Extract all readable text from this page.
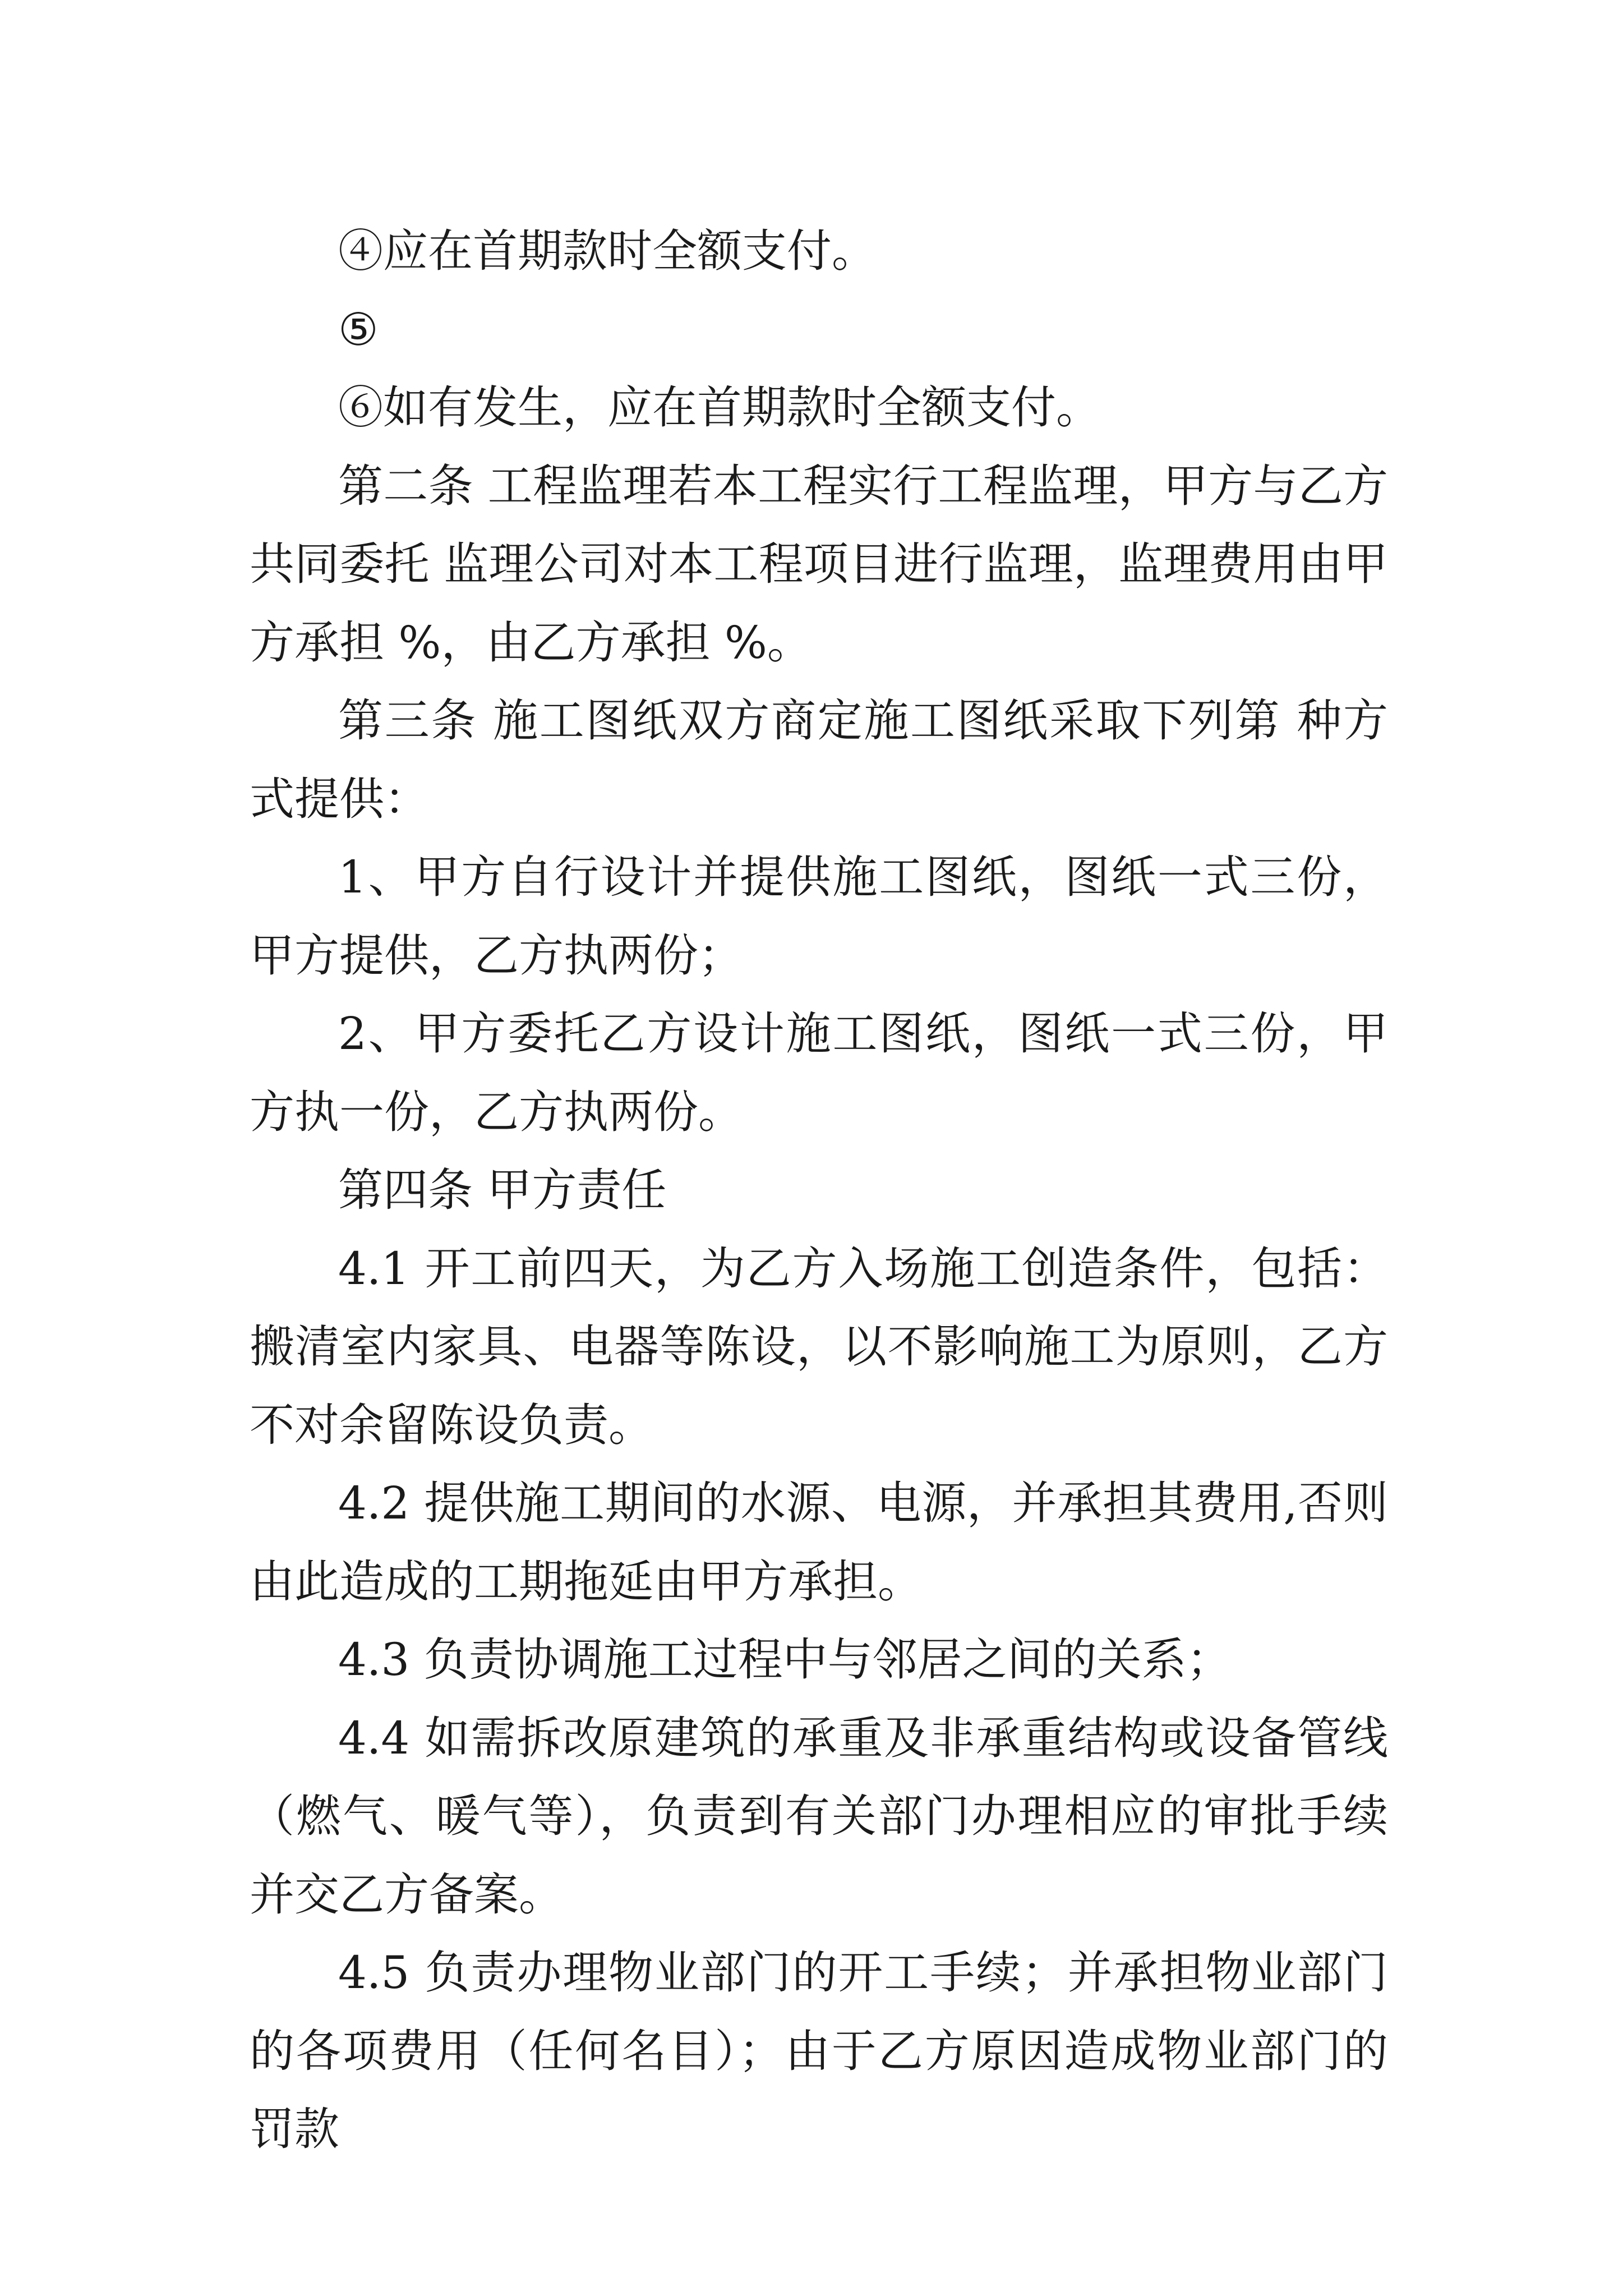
④应在首期款时全额支付。

⑤

⑥如有发生，应在首期款时全额支付。

第二条 工程监理若本工程实行工程监理，甲方与乙方共同委托 监理公司对本工程项目进行监理，监理费用由甲方承担 %，由乙方承担 %。

第三条 施工图纸双方商定施工图纸采取下列第 种方式提供：

1、甲方自行设计并提供施工图纸，图纸一式三份，甲方提供，乙方执两份；

2、甲方委托乙方设计施工图纸，图纸一式三份，甲方执一份，乙方执两份。

第四条 甲方责任

4.1 开工前四天，为乙方入场施工创造条件，包括：搬清室内家具、电器等陈设，以不影响施工为原则，乙方不对余留陈设负责。

4.2 提供施工期间的水源、电源，并承担其费用,否则由此造成的工期拖延由甲方承担。

4.3 负责协调施工过程中与邻居之间的关系；

4.4 如需拆改原建筑的承重及非承重结构或设备管线（燃气、暖气等），负责到有关部门办理相应的审批手续并交乙方备案。

4.5 负责办理物业部门的开工手续；并承担物业部门的各项费用（任何名目）；由于乙方原因造成物业部门的罚款
